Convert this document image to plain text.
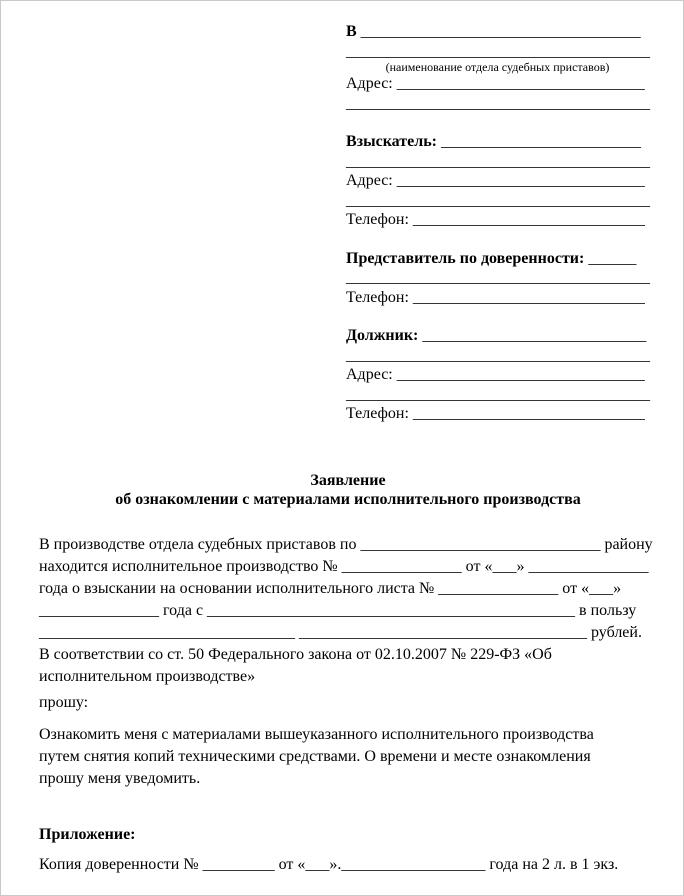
В ___________________________________
______________________________________
(наименование отдела судебных приставов)
Адрес: _______________________________
______________________________________
Взыскатель: _________________________
______________________________________
Адрес: _______________________________
______________________________________
Телефон: _____________________________
Представитель по доверенности: ______
______________________________________
Телефон: _____________________________
Должник: ____________________________
______________________________________
Адрес: _______________________________
______________________________________
Телефон: _____________________________
Заявление
об ознакомлении с материалами исполнительного производства
В производстве отдела судебных приставов по ______________________________ району
находится исполнительное производство № _______________ от «___» _______________
года о взыскании на основании исполнительного листа № _______________ от «___»
_______________ года с ______________________________________________ в пользу
________________________________ ____________________________________ рублей.
В соответствии со ст. 50 Федерального закона от 02.10.2007 № 229-ФЗ «Об
исполнительном производстве»
прошу:
Ознакомить меня с материалами вышеуказанного исполнительного производства
путем снятия копий техническими средствами. О времени и месте ознакомления
прошу меня уведомить.
Приложение:
Копия доверенности № _________ от «___».__________________ года на 2 л. в 1 экз.
